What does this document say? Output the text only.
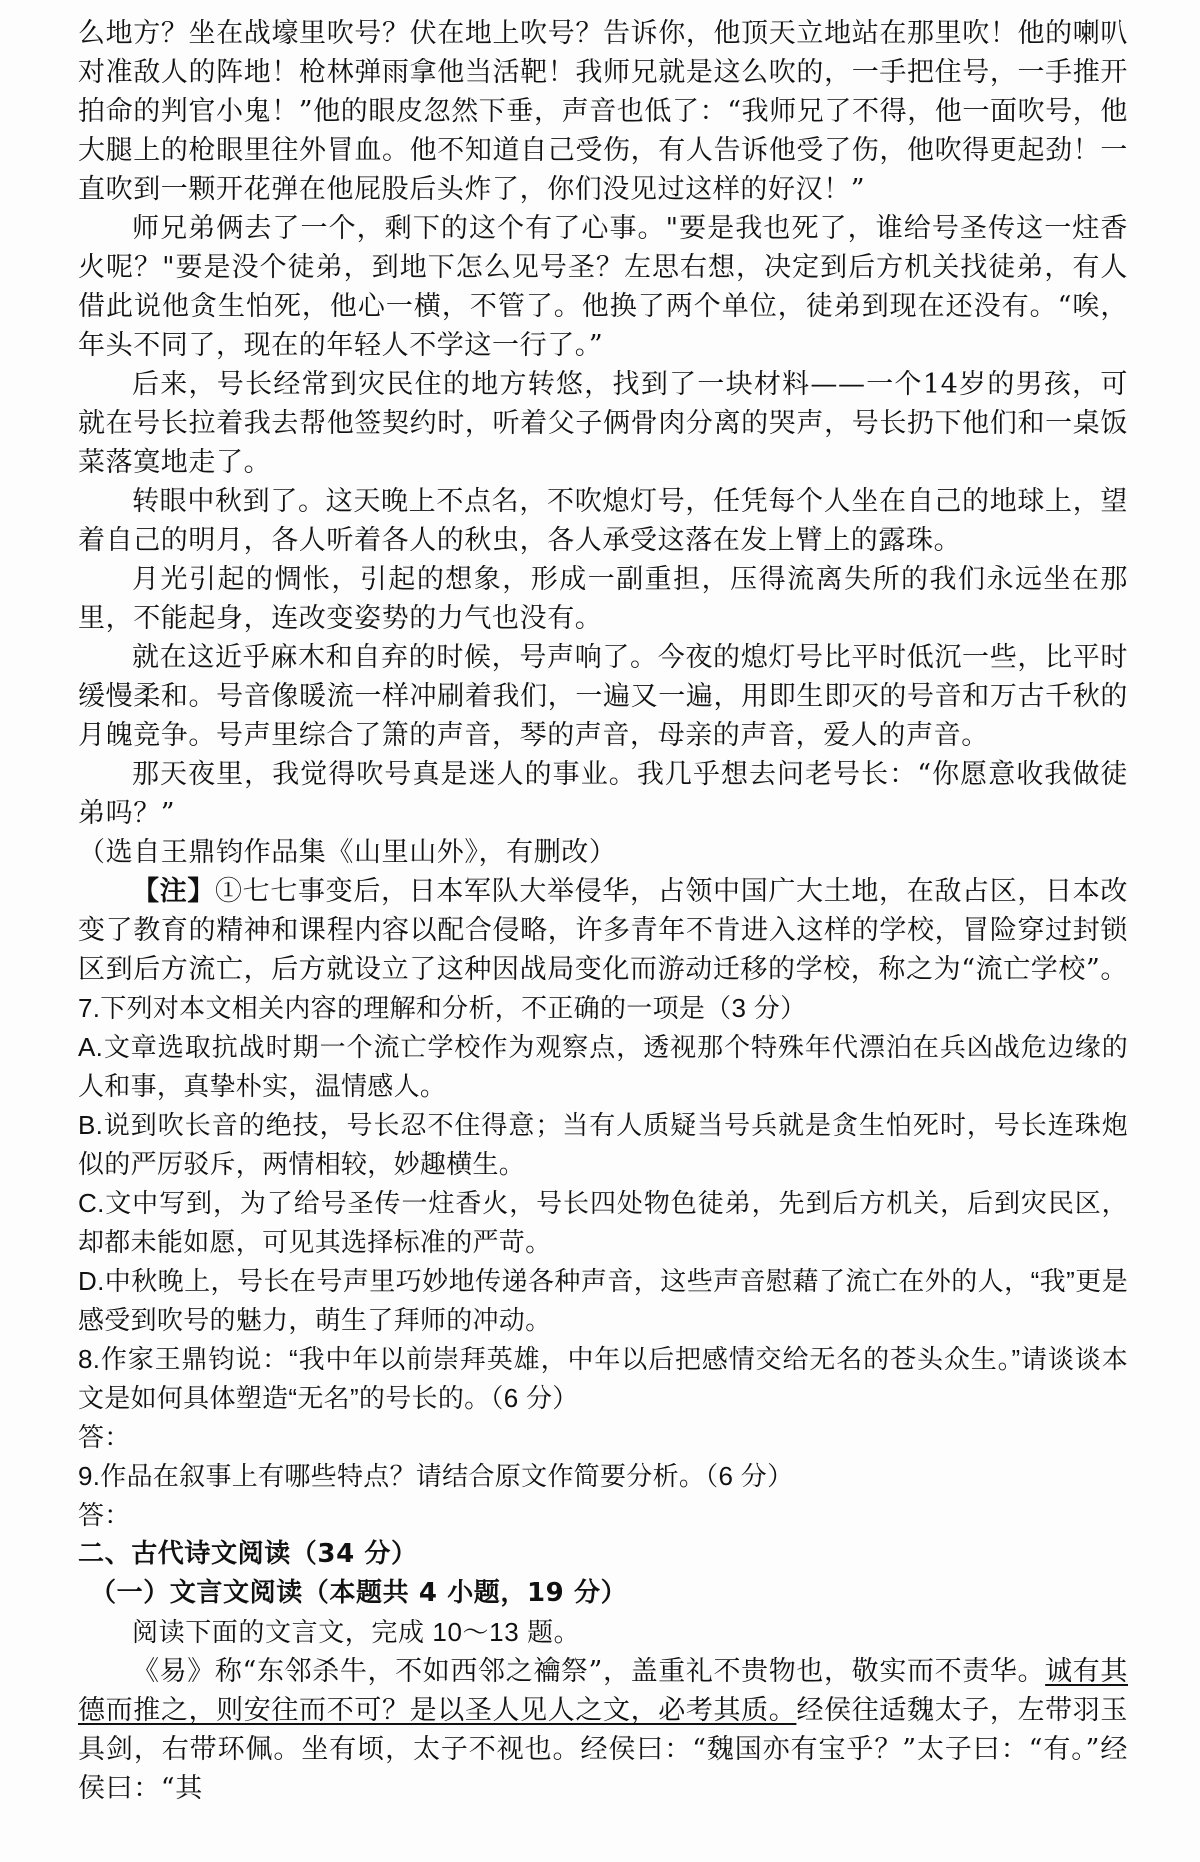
么地方？坐在战壕里吹号？伏在地上吹号？告诉你，他顶天立地站在那里吹！他的喇叭对准敌人的阵地！枪林弹雨拿他当活靶！我师兄就是这么吹的，一手把住号，一手推开拍命的判官小鬼！”他的眼皮忽然下垂，声音也低了：“我师兄了不得，他一面吹号，他大腿上的枪眼里往外冒血。他不知道自己受伤，有人告诉他受了伤，他吹得更起劲！一直吹到一颗开花弹在他屁股后头炸了，你们没见过这样的好汉！”

师兄弟俩去了一个，剩下的这个有了心事。"要是我也死了，谁给号圣传这一炷香火呢？"要是没个徒弟，到地下怎么见号圣？左思右想，决定到后方机关找徒弟，有人借此说他贪生怕死，他心一横，不管了。他换了两个单位，徒弟到现在还没有。“唉，年头不同了，现在的年轻人不学这一行了。”

后来，号长经常到灾民住的地方转悠，找到了一块材料——一个14岁的男孩，可就在号长拉着我去帮他签契约时，听着父子俩骨肉分离的哭声，号长扔下他们和一桌饭菜落寞地走了。

转眼中秋到了。这天晚上不点名，不吹熄灯号，任凭每个人坐在自己的地球上，望着自己的明月，各人听着各人的秋虫，各人承受这落在发上臂上的露珠。

月光引起的惆怅，引起的想象，形成一副重担，压得流离失所的我们永远坐在那里，不能起身，连改变姿势的力气也没有。

就在这近乎麻木和自弃的时候，号声响了。今夜的熄灯号比平时低沉一些，比平时缓慢柔和。号音像暖流一样冲刷着我们，一遍又一遍，用即生即灭的号音和万古千秋的月魄竞争。号声里综合了箫的声音，琴的声音，母亲的声音，爱人的声音。

那天夜里，我觉得吹号真是迷人的事业。我几乎想去问老号长：“你愿意收我做徒弟吗？”

（选自王鼎钧作品集《山里山外》，有删改）

【注】①七七事变后，日本军队大举侵华，占领中国广大土地，在敌占区，日本改变了教育的精神和课程内容以配合侵略，许多青年不肯进入这样的学校，冒险穿过封锁区到后方流亡，后方就设立了这种因战局变化而游动迁移的学校，称之为“流亡学校”。

7.下列对本文相关内容的理解和分析，不正确的一项是（3 分）

A.文章选取抗战时期一个流亡学校作为观察点，透视那个特殊年代漂泊在兵凶战危边缘的人和事，真挚朴实，温情感人。

B.说到吹长音的绝技，号长忍不住得意；当有人质疑当号兵就是贪生怕死时，号长连珠炮似的严厉驳斥，两情相较，妙趣横生。

C.文中写到，为了给号圣传一炷香火，号长四处物色徒弟，先到后方机关，后到灾民区，却都未能如愿，可见其选择标准的严苛。

D.中秋晚上，号长在号声里巧妙地传递各种声音，这些声音慰藉了流亡在外的人，“我”更是感受到吹号的魅力，萌生了拜师的冲动。

8.作家王鼎钧说：“我中年以前崇拜英雄，中年以后把感情交给无名的苍头众生。”请谈谈本文是如何具体塑造“无名”的号长的。（6 分）

答：

9.作品在叙事上有哪些特点？请结合原文作简要分析。（6 分）

答：

二、古代诗文阅读（34 分）

（一）文言文阅读（本题共 4 小题，19 分）

阅读下面的文言文，完成 10～13 题。

《易》称“东邻杀牛，不如西邻之禴祭”，盖重礼不贵物也，敬实而不责华。诚有其德而推之，则安往而不可？是以圣人见人之文，必考其质。经侯往适魏太子，左带羽玉具剑，右带环佩。坐有顷，太子不视也。经侯曰：“魏国亦有宝乎？”太子曰：“有。”经侯曰：“其
